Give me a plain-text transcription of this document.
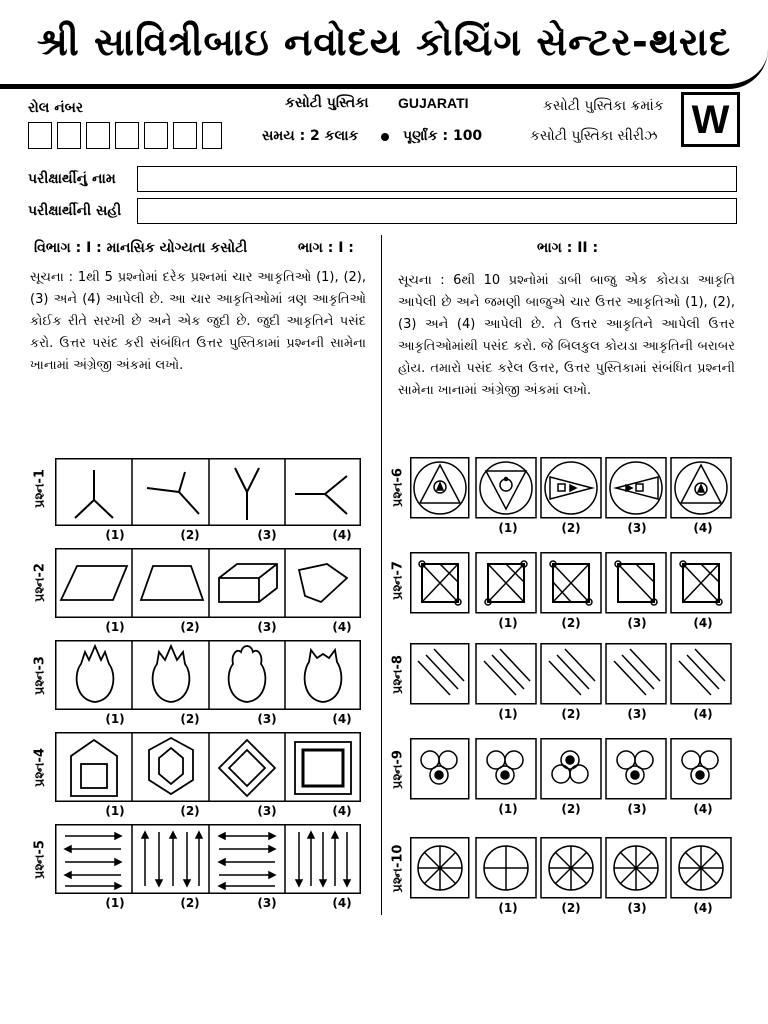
શ્રી સાવિત્રીબાઇ નવોદય કોચિંગ સેન્ટર-થરાદ
રોલ નંબર	કસોટી પુસ્તિકા GUJARATI
સમય : 2 કલાક	પૂર્ણાંક : 100
કસોટી પુસ્તિકા ક્રમાંક
કસોટી પુસ્તિકા સીરીઝ W
પરીક્ષાર્થીનું નામ
પરીક્ષાર્થીની સહી
વિભાગ : I : માનસિક યોગ્યતા કસોટી	ભાગ : I :	ભાગ : II :
સૂચના : 1થી 5 પ્રશ્નોમાં દરેક પ્રશ્નમાં ચાર આકૃતિઓ (1), (2), (3) અને (4) આપેલી છે. આ ચાર આકૃતિઓમાં ત્રણ આકૃતિઓ કોઈક રીતે સરખી છે અને એક જુદી છે. જુદી આકૃતિને પસંદ કરો. ઉત્તર પસંદ કરી સંબંધિત ઉત્તર પુસ્તિકામાં પ્રશ્નની સામેના ખાનામાં અંગ્રેજી અંકમાં લખો.
સૂચના : 6થી 10 પ્રશ્નોમાં ડાબી બાજુ એક કોયડા આકૃતિ આપેલી છે અને જમણી બાજુએ ચાર ઉત્તર આકૃતિઓ (1), (2), (3) અને (4) આપેલી છે. તે ઉત્તર આકૃતિને આપેલી ઉત્તર આકૃતિઓમાંથી પસંદ કરો. જે બિલકુલ કોયડા આકૃતિની બરાબર હોય. તમારો પસંદ કરેલ ઉત્તર, ઉત્તર પુસ્તિકામાં સંબંધિત પ્રશ્નની સામેના ખાનામાં અંગ્રેજી અંકમાં લખો.
પ્રશ્ન-1
(1)	(2)	(3)	(4)
પ્રશ્ન-2
(1)	(2)	(3)	(4)
પ્રશ્ન-3
(1)	(2)	(3)	(4)
પ્રશ્ન-4
(1)	(2)	(3)	(4)
પ્રશ્ન-5
(1)	(2)	(3)	(4)
પ્રશ્ન-6
(1)	(2)	(3)	(4)
પ્રશ્ન-7
(1)	(2)	(3)	(4)
પ્રશ્ન-8
(1)	(2)	(3)	(4)
પ્રશ્ન-9
(1)	(2)	(3)	(4)
પ્રશ્ન-10
(1)	(2)	(3)	(4)
